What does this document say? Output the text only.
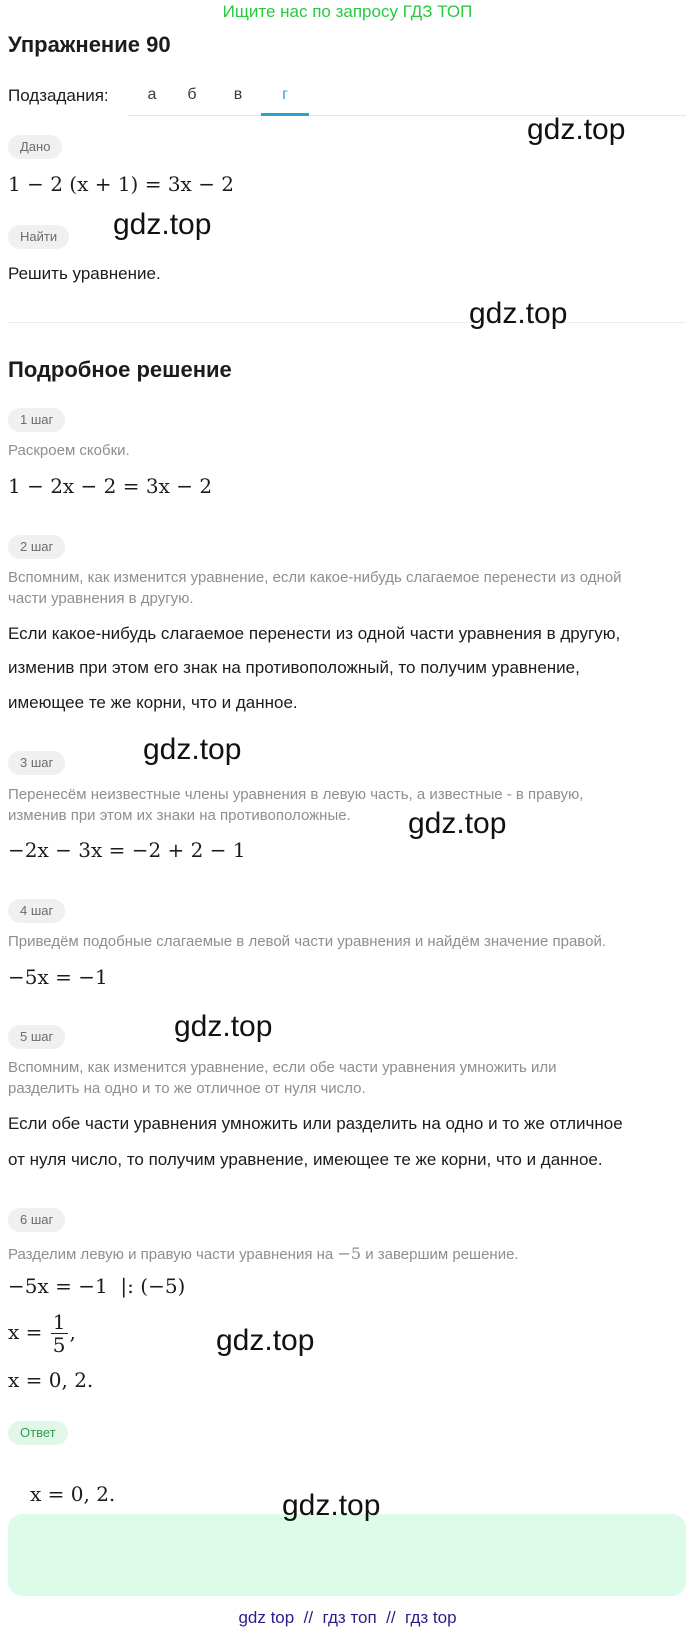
Ищите нас по запросу ГДЗ ТОП
Упражнение 90
Подзадания:	а	б	в	г
Дано
1 − 2 (x + 1) = 3x − 2
Найти
Решить уравнение.
Подробное решение
1 шаг
Раскроем скобки.
1 − 2x − 2 = 3x − 2
2 шаг
Вспомним, как изменится уравнение, если какое-нибудь слагаемое перенести из одной
части уравнения в другую.
Если какое-нибудь слагаемое перенести из одной части уравнения в другую,
изменив при этом его знак на противоположный, то получим уравнение,
имеющее те же корни, что и данное.
3 шаг
Перенесём неизвестные члены уравнения в левую часть, а известные - в правую,
изменив при этом их знаки на противоположные.
−2x − 3x = −2 + 2 − 1
4 шаг
Приведём подобные слагаемые в левой части уравнения и найдём значение правой.
−5x = −1
5 шаг
Вспомним, как изменится уравнение, если обе части уравнения умножить или
разделить на одно и то же отличное от нуля число.
Если обе части уравнения умножить или разделить на одно и то же отличное
от нуля число, то получим уравнение, имеющее те же корни, что и данное.
6 шаг
Разделим левую и правую части уравнения на −5 и завершим решение.
−5x = −1  |: (−5)
$x = \frac{1}{5}$ ,
x = 0, 2.
Ответ
x = 0, 2.
gdz.top
gdz.top
gdz.top
gdz.top
gdz.top
gdz.top
gdz.top
gdz.top
gdz top  //  гдз топ  //  гдз top
